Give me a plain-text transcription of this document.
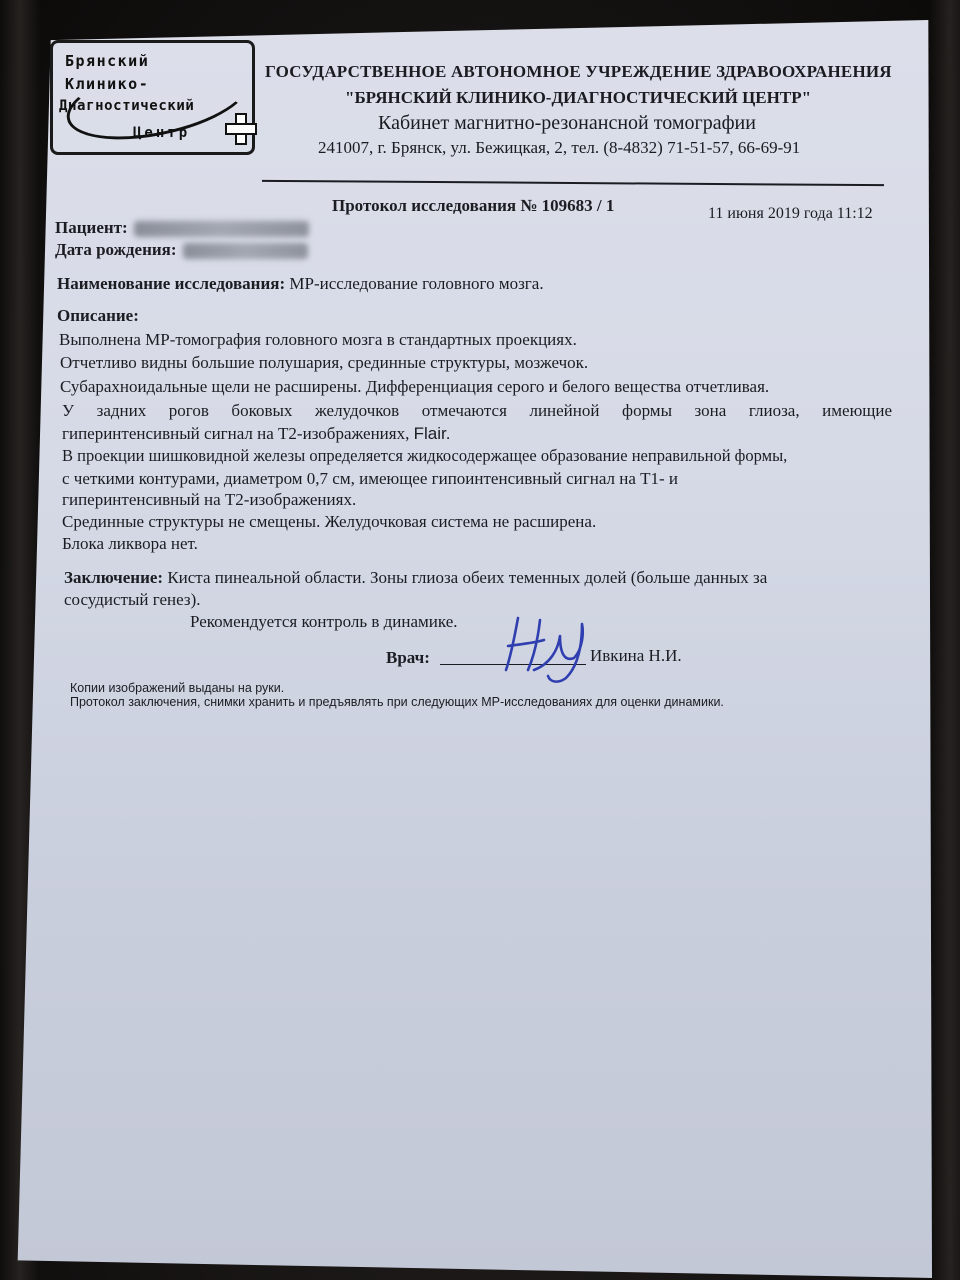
Брянский
Клинико-
Диагностический
Центр
ГОСУДАРСТВЕННОЕ АВТОНОМНОЕ УЧРЕЖДЕНИЕ ЗДРАВООХРАНЕНИЯ
"БРЯНСКИЙ КЛИНИКО-ДИАГНОСТИЧЕСКИЙ ЦЕНТР"
Кабинет магнитно-резонансной томографии
241007, г. Брянск, ул. Бежицкая, 2, тел. (8-4832) 71-51-57, 66-69-91
Протокол исследования № 109683 / 1	11 июня 2019 года 11:12
Пациент:
Дата рождения:
Наименование исследования: МР-исследование головного мозга.
Описание:
Выполнена МР-томография головного мозга в стандартных проекциях.
Отчетливо видны большие полушария, срединные структуры, мозжечок.
Субарахноидальные щели не расширены. Дифференциация серого и белого вещества отчетливая.
У задних рогов боковых желудочков отмечаются линейной формы зона глиоза, имеющие
гиперинтенсивный сигнал на Т2-изображениях, Flair.
В проекции шишковидной железы определяется жидкосодержащее образование неправильной формы,
с четкими контурами, диаметром 0,7 см, имеющее гипоинтенсивный сигнал на Т1- и
гиперинтенсивный на Т2-изображениях.
Срединные структуры не смещены. Желудочковая система не расширена.
Блока ликвора нет.
Заключение: Киста пинеальной области. Зоны глиоза обеих теменных долей (больше данных за
сосудистый генез).
Рекомендуется контроль в динамике.
Врач:	Ивкина Н.И.
Копии изображений выданы на руки.
Протокол заключения, снимки хранить и предъявлять при следующих МР-исследованиях для оценки динамики.
